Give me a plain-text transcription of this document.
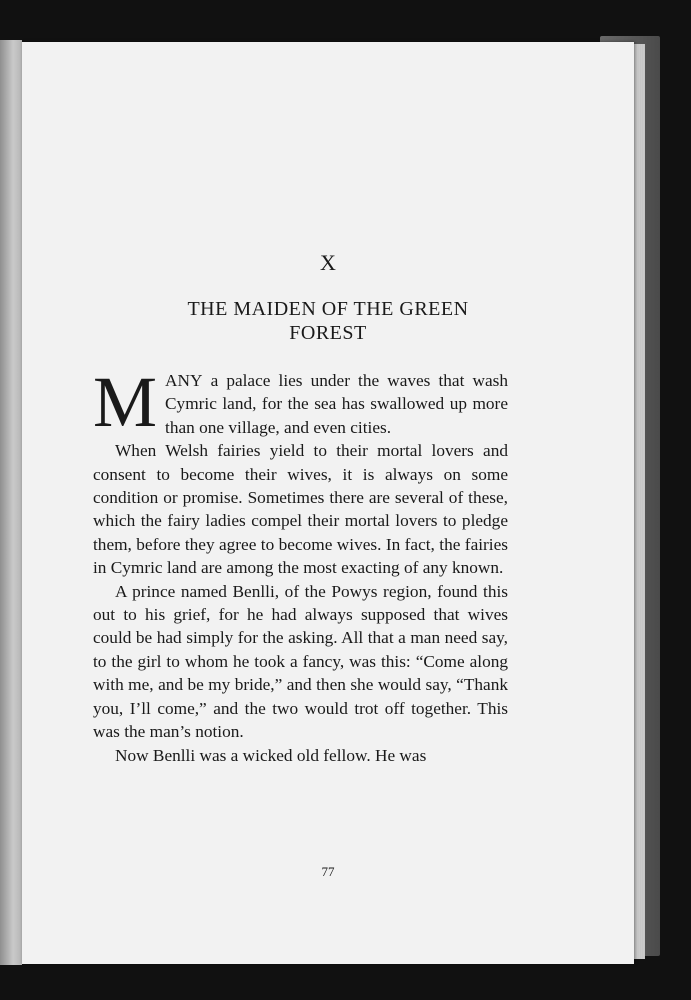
X
THE MAIDEN OF THE GREEN
FOREST

MANY a palace lies under the waves that wash Cymric land, for the sea has swallowed up more than one village, and even cities.

When Welsh fairies yield to their mortal lovers and consent to become their wives, it is always on some condition or promise. Sometimes there are several of these, which the fairy ladies compel their mortal lovers to pledge them, before they agree to become wives. In fact, the fairies in Cymric land are among the most exacting of any known.

A prince named Benlli, of the Powys region, found this out to his grief, for he had always supposed that wives could be had simply for the asking. All that a man need say, to the girl to whom he took a fancy, was this: “Come along with me, and be my bride,” and then she would say, “Thank you, I’ll come,” and the two would trot off together. This was the man’s notion.

Now Benlli was a wicked old fellow. He was

77
